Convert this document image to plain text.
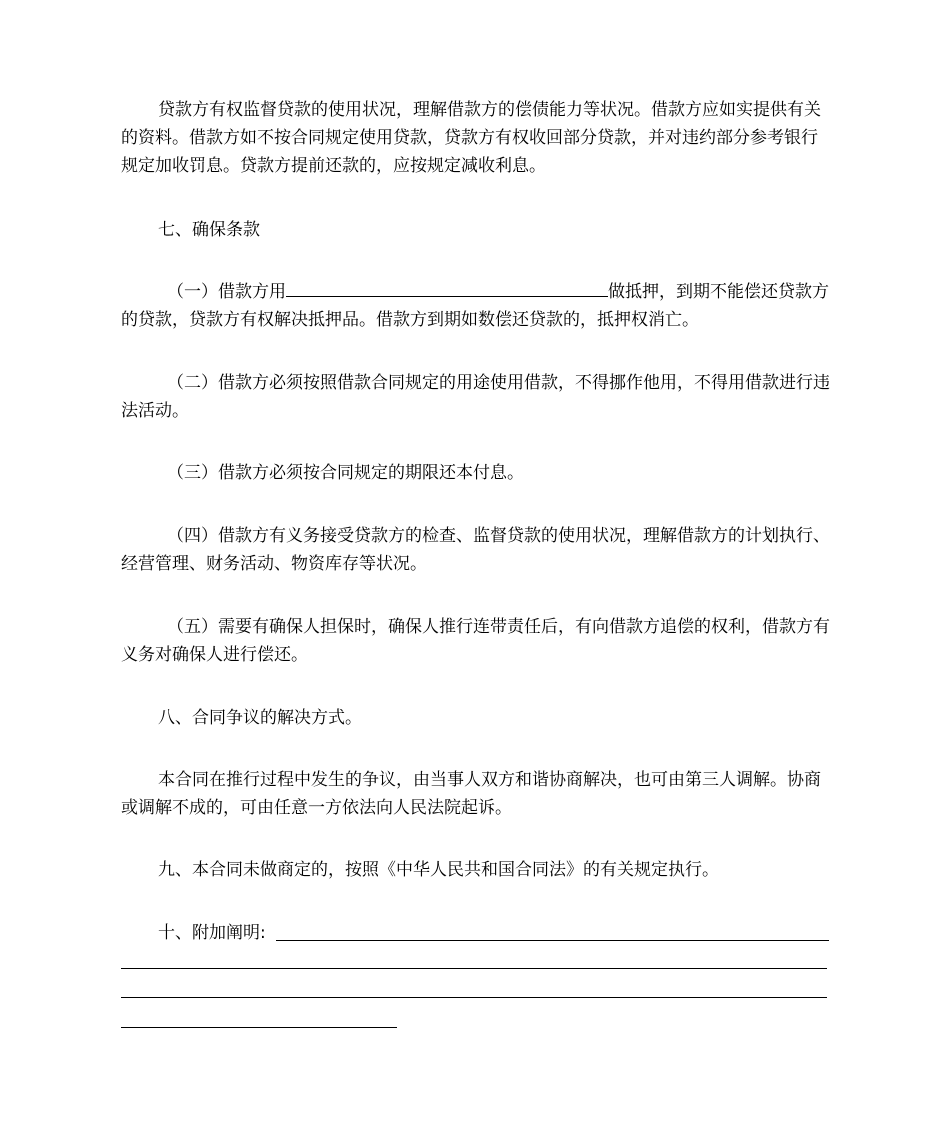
贷款方有权监督贷款的使用状况，理解借款方的偿债能力等状况。借款方应如实提供有关的资料。借款方如不按合同规定使用贷款，贷款方有权收回部分贷款，并对违约部分参考银行规定加收罚息。贷款方提前还款的，应按规定减收利息。

七、确保条款

（一）借款方用	做抵押，到期不能偿还贷款方的贷款，贷款方有权解决抵押品。借款方到期如数偿还贷款的，抵押权消亡。

（二）借款方必须按照借款合同规定的用途使用借款，不得挪作他用，不得用借款进行违法活动。

（三）借款方必须按合同规定的期限还本付息。

（四）借款方有义务接受贷款方的检查、监督贷款的使用状况，理解借款方的计划执行、经营管理、财务活动、物资库存等状况。

（五）需要有确保人担保时，确保人推行连带责任后，有向借款方追偿的权利，借款方有义务对确保人进行偿还。

八、合同争议的解决方式。

本合同在推行过程中发生的争议，由当事人双方和谐协商解决，也可由第三人调解。协商或调解不成的，可由任意一方依法向人民法院起诉。

九、本合同未做商定的，按照《中华人民共和国合同法》的有关规定执行。

十、附加阐明:
